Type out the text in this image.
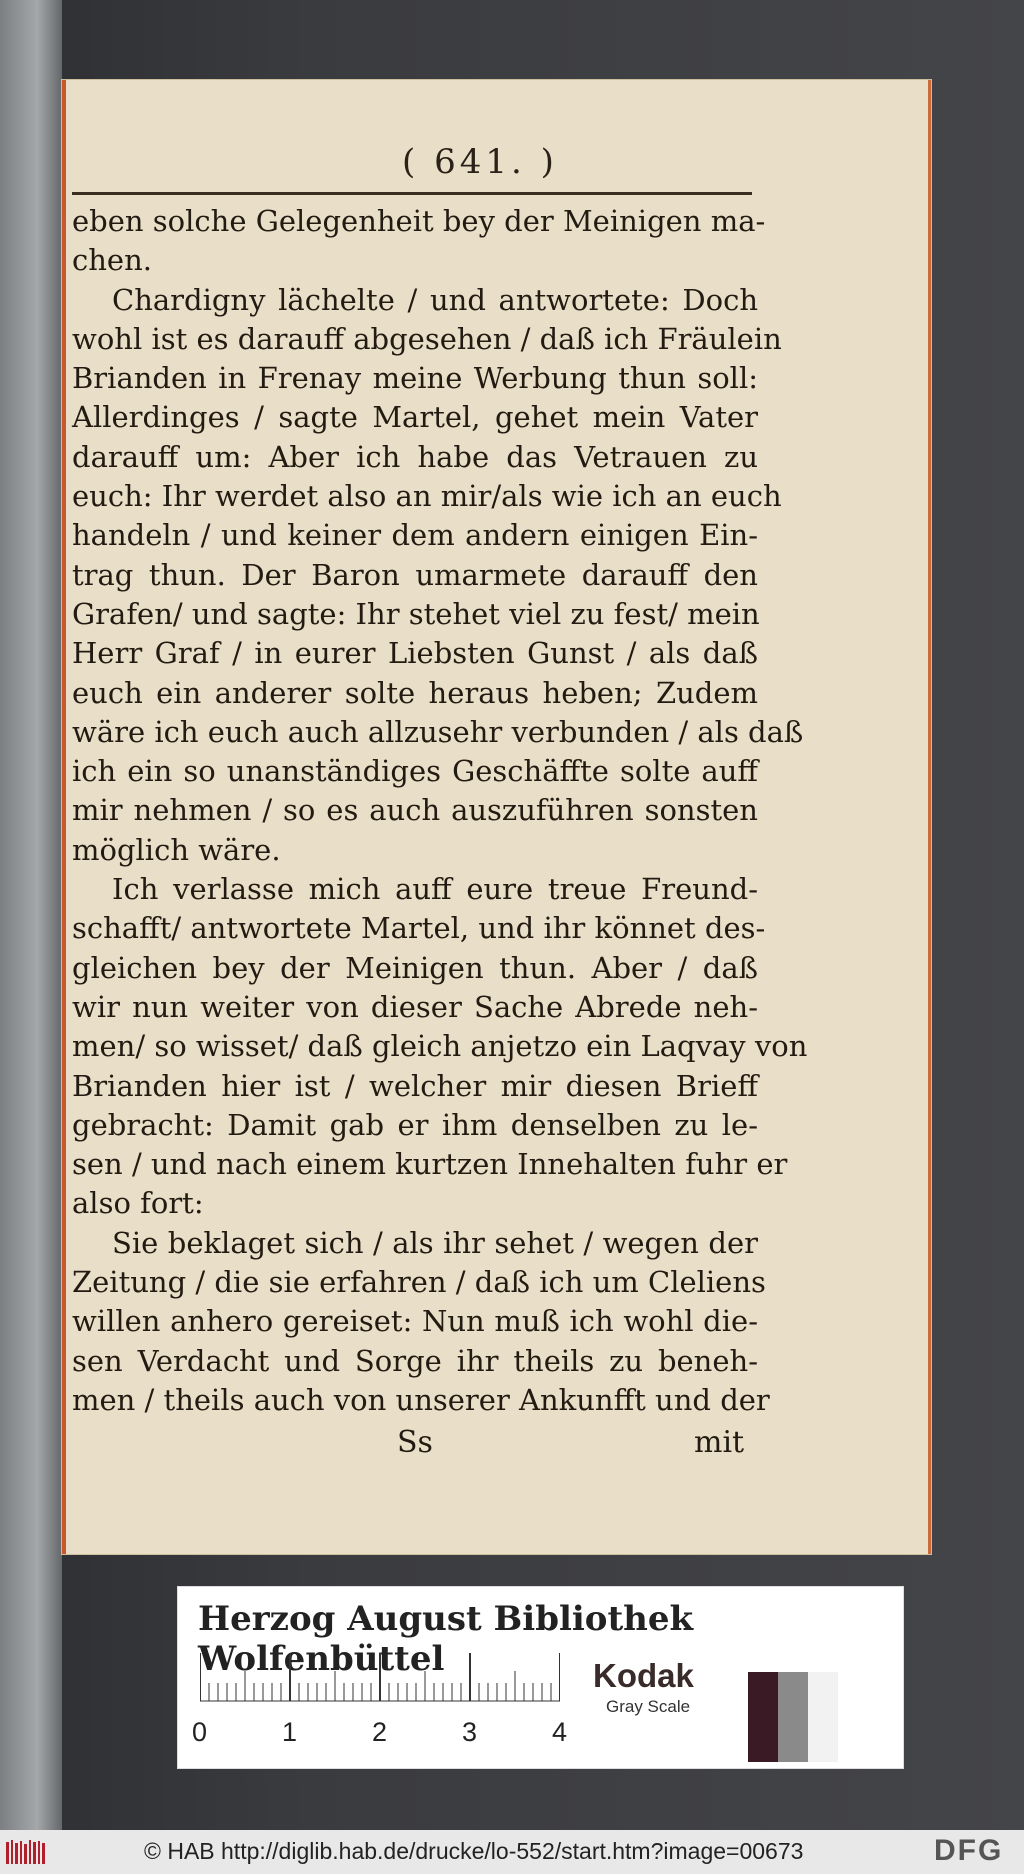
( 641. )
eben solche Gelegenheit bey der Meinigen ma-
chen.
Chardigny lächelte / und antwortete: Doch
wohl ist es darauff abgesehen / daß ich Fräulein
Brianden in Frenay meine Werbung thun soll:
Allerdinges / sagte Martel, gehet mein Vater
darauff um: Aber ich habe das Vetrauen zu
euch: Ihr werdet also an mir/als wie ich an euch
handeln / und keiner dem andern einigen Ein-
trag thun. Der Baron umarmete darauff den
Grafen/ und sagte: Ihr stehet viel zu fest/ mein
Herr Graf / in eurer Liebsten Gunst / als daß
euch ein anderer solte heraus heben; Zudem
wäre ich euch auch allzusehr verbunden / als daß
ich ein so unanständiges Geschäffte solte auff
mir nehmen / so es auch auszuführen sonsten
möglich wäre.
Ich verlasse mich auff eure treue Freund-
schafft/ antwortete Martel, und ihr könnet des-
gleichen bey der Meinigen thun. Aber / daß
wir nun weiter von dieser Sache Abrede neh-
men/ so wisset/ daß gleich anjetzo ein Laqvay von
Brianden hier ist / welcher mir diesen Brieff
gebracht: Damit gab er ihm denselben zu le-
sen / und nach einem kurtzen Innehalten fuhr er
also fort:
Sie beklaget sich / als ihr sehet / wegen der
Zeitung / die sie erfahren / daß ich um Cleliens
willen anhero gereiset: Nun muß ich wohl die-
sen Verdacht und Sorge ihr theils zu beneh-
men / theils auch von unserer Ankunfft und der
Ss	mit
Herzog August Bibliothek Wolfenbüttel
0	1	2	3	4
Kodak
Gray Scale
© HAB http://diglib.hab.de/drucke/lo-552/start.htm?image=00673	DFG
